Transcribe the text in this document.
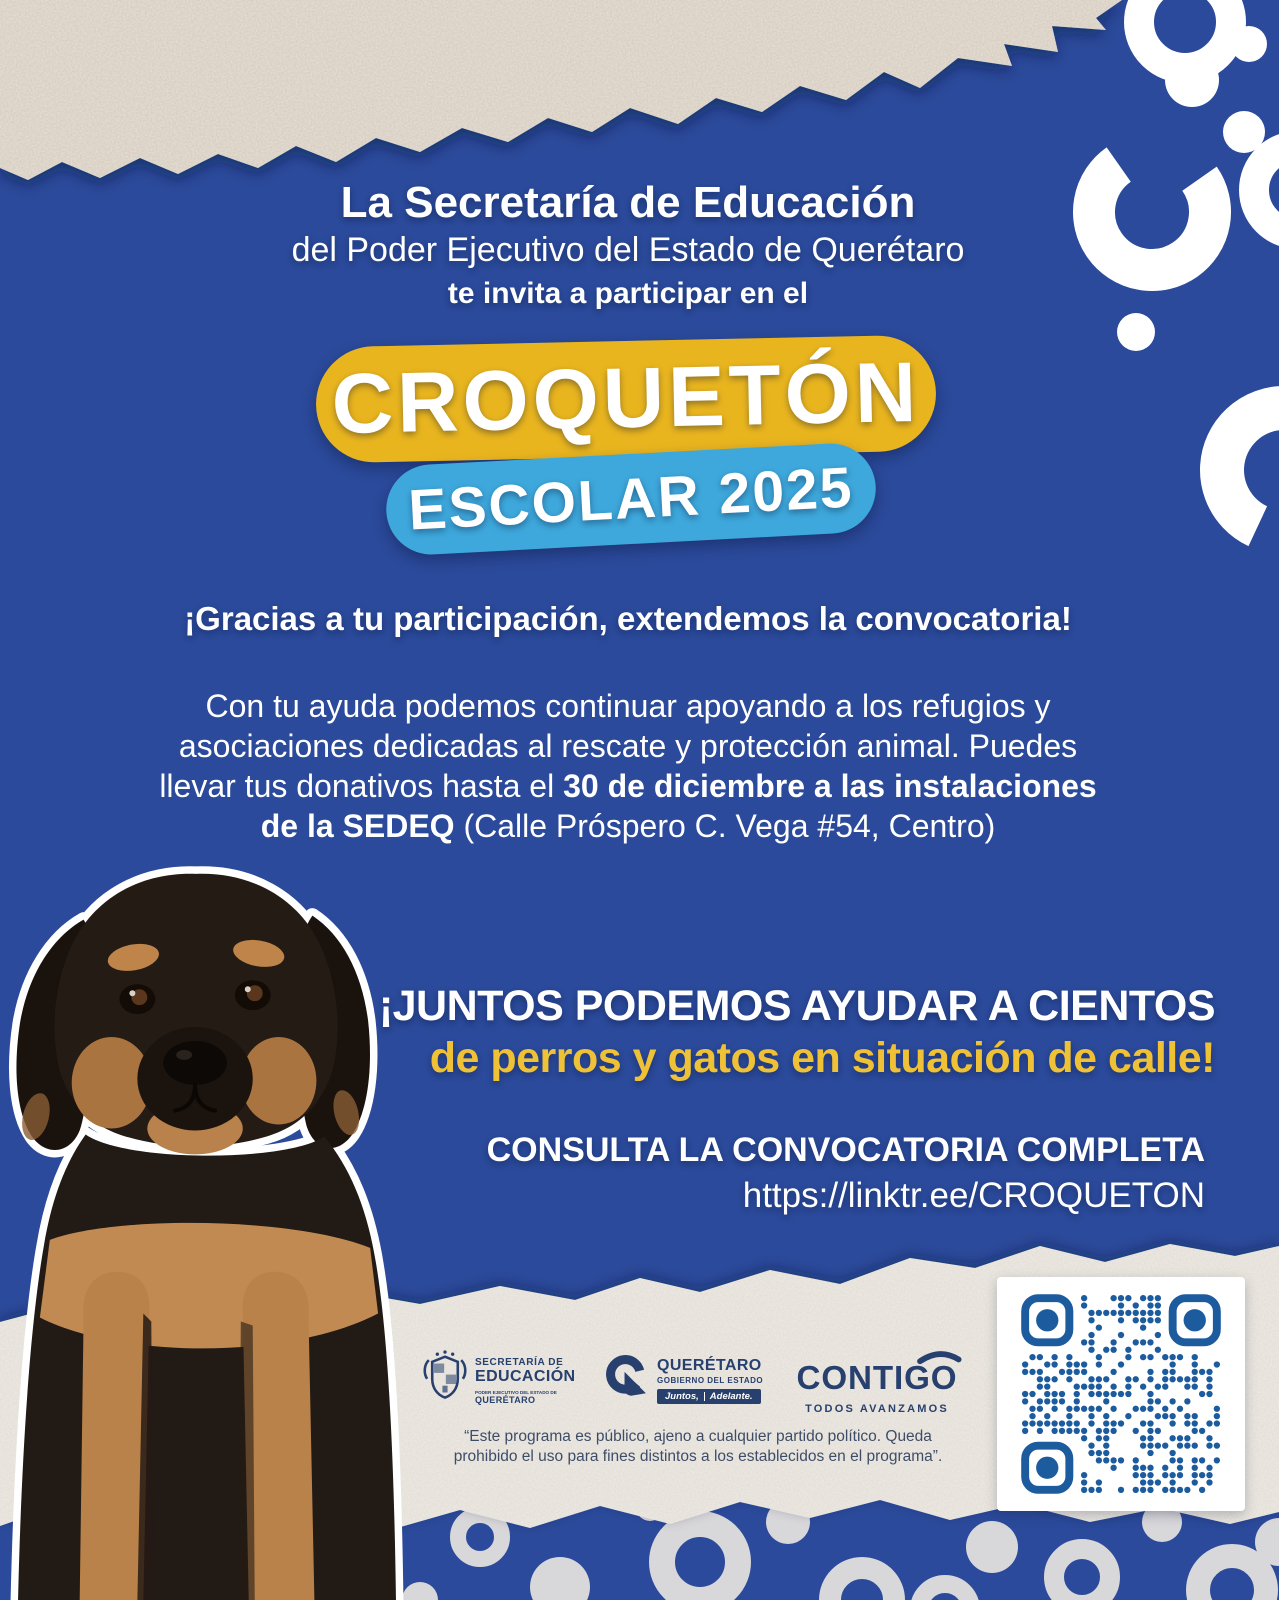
La Secretaría de Educación
del Poder Ejecutivo del Estado de Querétaro
te invita a participar en el
CROQUETÓN
ESCOLAR 2025
¡Gracias a tu participación, extendemos la convocatoria!
Con tu ayuda podemos continuar apoyando a los refugios y
asociaciones dedicadas al rescate y protección animal. Puedes
llevar tus donativos hasta el 30 de diciembre a las instalaciones
de la SEDEQ (Calle Próspero C. Vega #54, Centro)
¡JUNTOS PODEMOS AYUDAR A CIENTOS
de perros y gatos en situación de calle!
CONSULTA LA CONVOCATORIA COMPLETA
https://linktr.ee/CROQUETON
SECRETARÍA DE
EDUCACIÓN
PODER EJECUTIVO DEL ESTADO DE
QUERÉTARO
QUERÉTARO
GOBIERNO DEL ESTADO
Juntos, Adelante. CONTIGO
TODOS AVANZAMOS
“Este programa es público, ajeno a cualquier partido político. Queda prohibido el uso para fines distintos a los establecidos en el programa”.
